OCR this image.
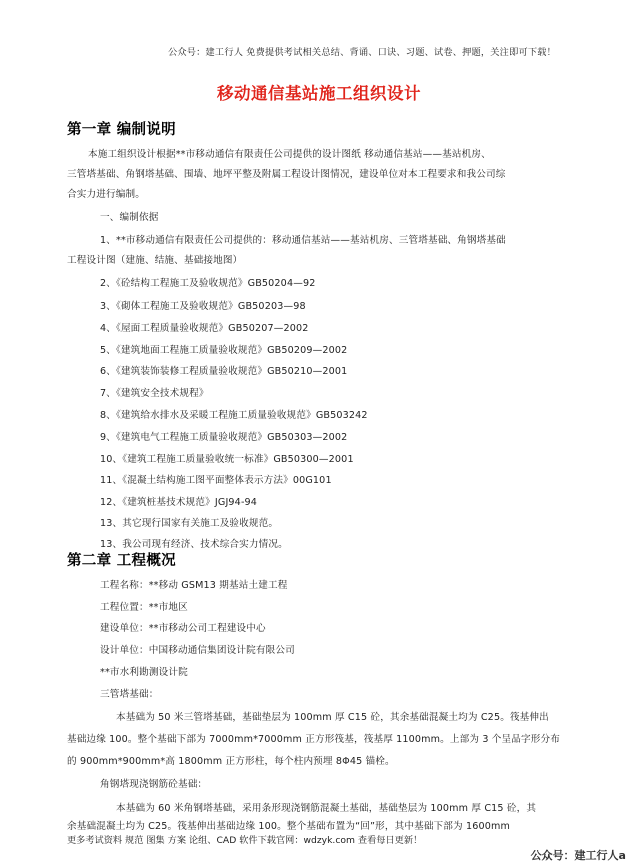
公众号：建工行人 免费提供考试相关总结、背诵、口诀、习题、试卷、押题，关注即可下载！
移动通信基站施工组织设计
第一章 编制说明
本施工组织设计根据**市移动通信有限责任公司提供的设计图纸 移动通信基站——基站机房、
三管塔基础、角钢塔基础、围墙、地坪平整及附属工程设计图情况，建设单位对本工程要求和我公司综
合实力进行编制。
一、编制依据
1、**市移动通信有限责任公司提供的：移动通信基站——基站机房、三管塔基础、角钢塔基础
工程设计图（建施、结施、基础接地图）
2、《砼结构工程施工及验收规范》GB50204—92
3、《砌体工程施工及验收规范》GB50203—98
4、《屋面工程质量验收规范》GB50207—2002
5、《建筑地面工程施工质量验收规范》GB50209—2002
6、《建筑装饰装修工程质量验收规范》GB50210—2001
7、《建筑安全技术规程》
8、《建筑给水排水及采暖工程施工质量验收规范》GB503242
9、《建筑电气工程施工质量验收规范》GB50303—2002
10、《建筑工程施工质量验收统一标准》GB50300—2001
11、《混凝土结构施工图平面整体表示方法》00G101
12、《建筑桩基技术规范》JGJ94-94
13、其它现行国家有关施工及验收规范。
13、我公司现有经济、技术综合实力情况。
第二章 工程概况
工程名称：**移动 GSM13 期基站土建工程
工程位置：**市地区
建设单位：**市移动公司工程建设中心
设计单位：中国移动通信集团设计院有限公司
**市水利勘测设计院
三管塔基础：
本基础为 50 米三管塔基础，基础垫层为 100mm 厚 C15 砼，其余基础混凝土均为 C25。筏基伸出
基础边缘 100。整个基础下部为 7000mm*7000mm 正方形筏基，筏基厚 1100mm。上部为 3 个呈品字形分布
的 900mm*900mm*高 1800mm 正方形柱，每个柱内预埋 8Φ45 锚栓。
角钢塔现浇钢筋砼基础：
本基础为 60 米角钢塔基础，采用条形现浇钢筋混凝土基础，基础垫层为 100mm 厚 C15 砼，其
余基础混凝土均为 C25。筏基伸出基础边缘 100。整个基础布置为“回”形，其中基础下部为 1600mm
更多考试资料 规范 图集 方案 论组、CAD 软件下载官网：wdzyk.com 查看每日更新！
公众号：建工行人a
